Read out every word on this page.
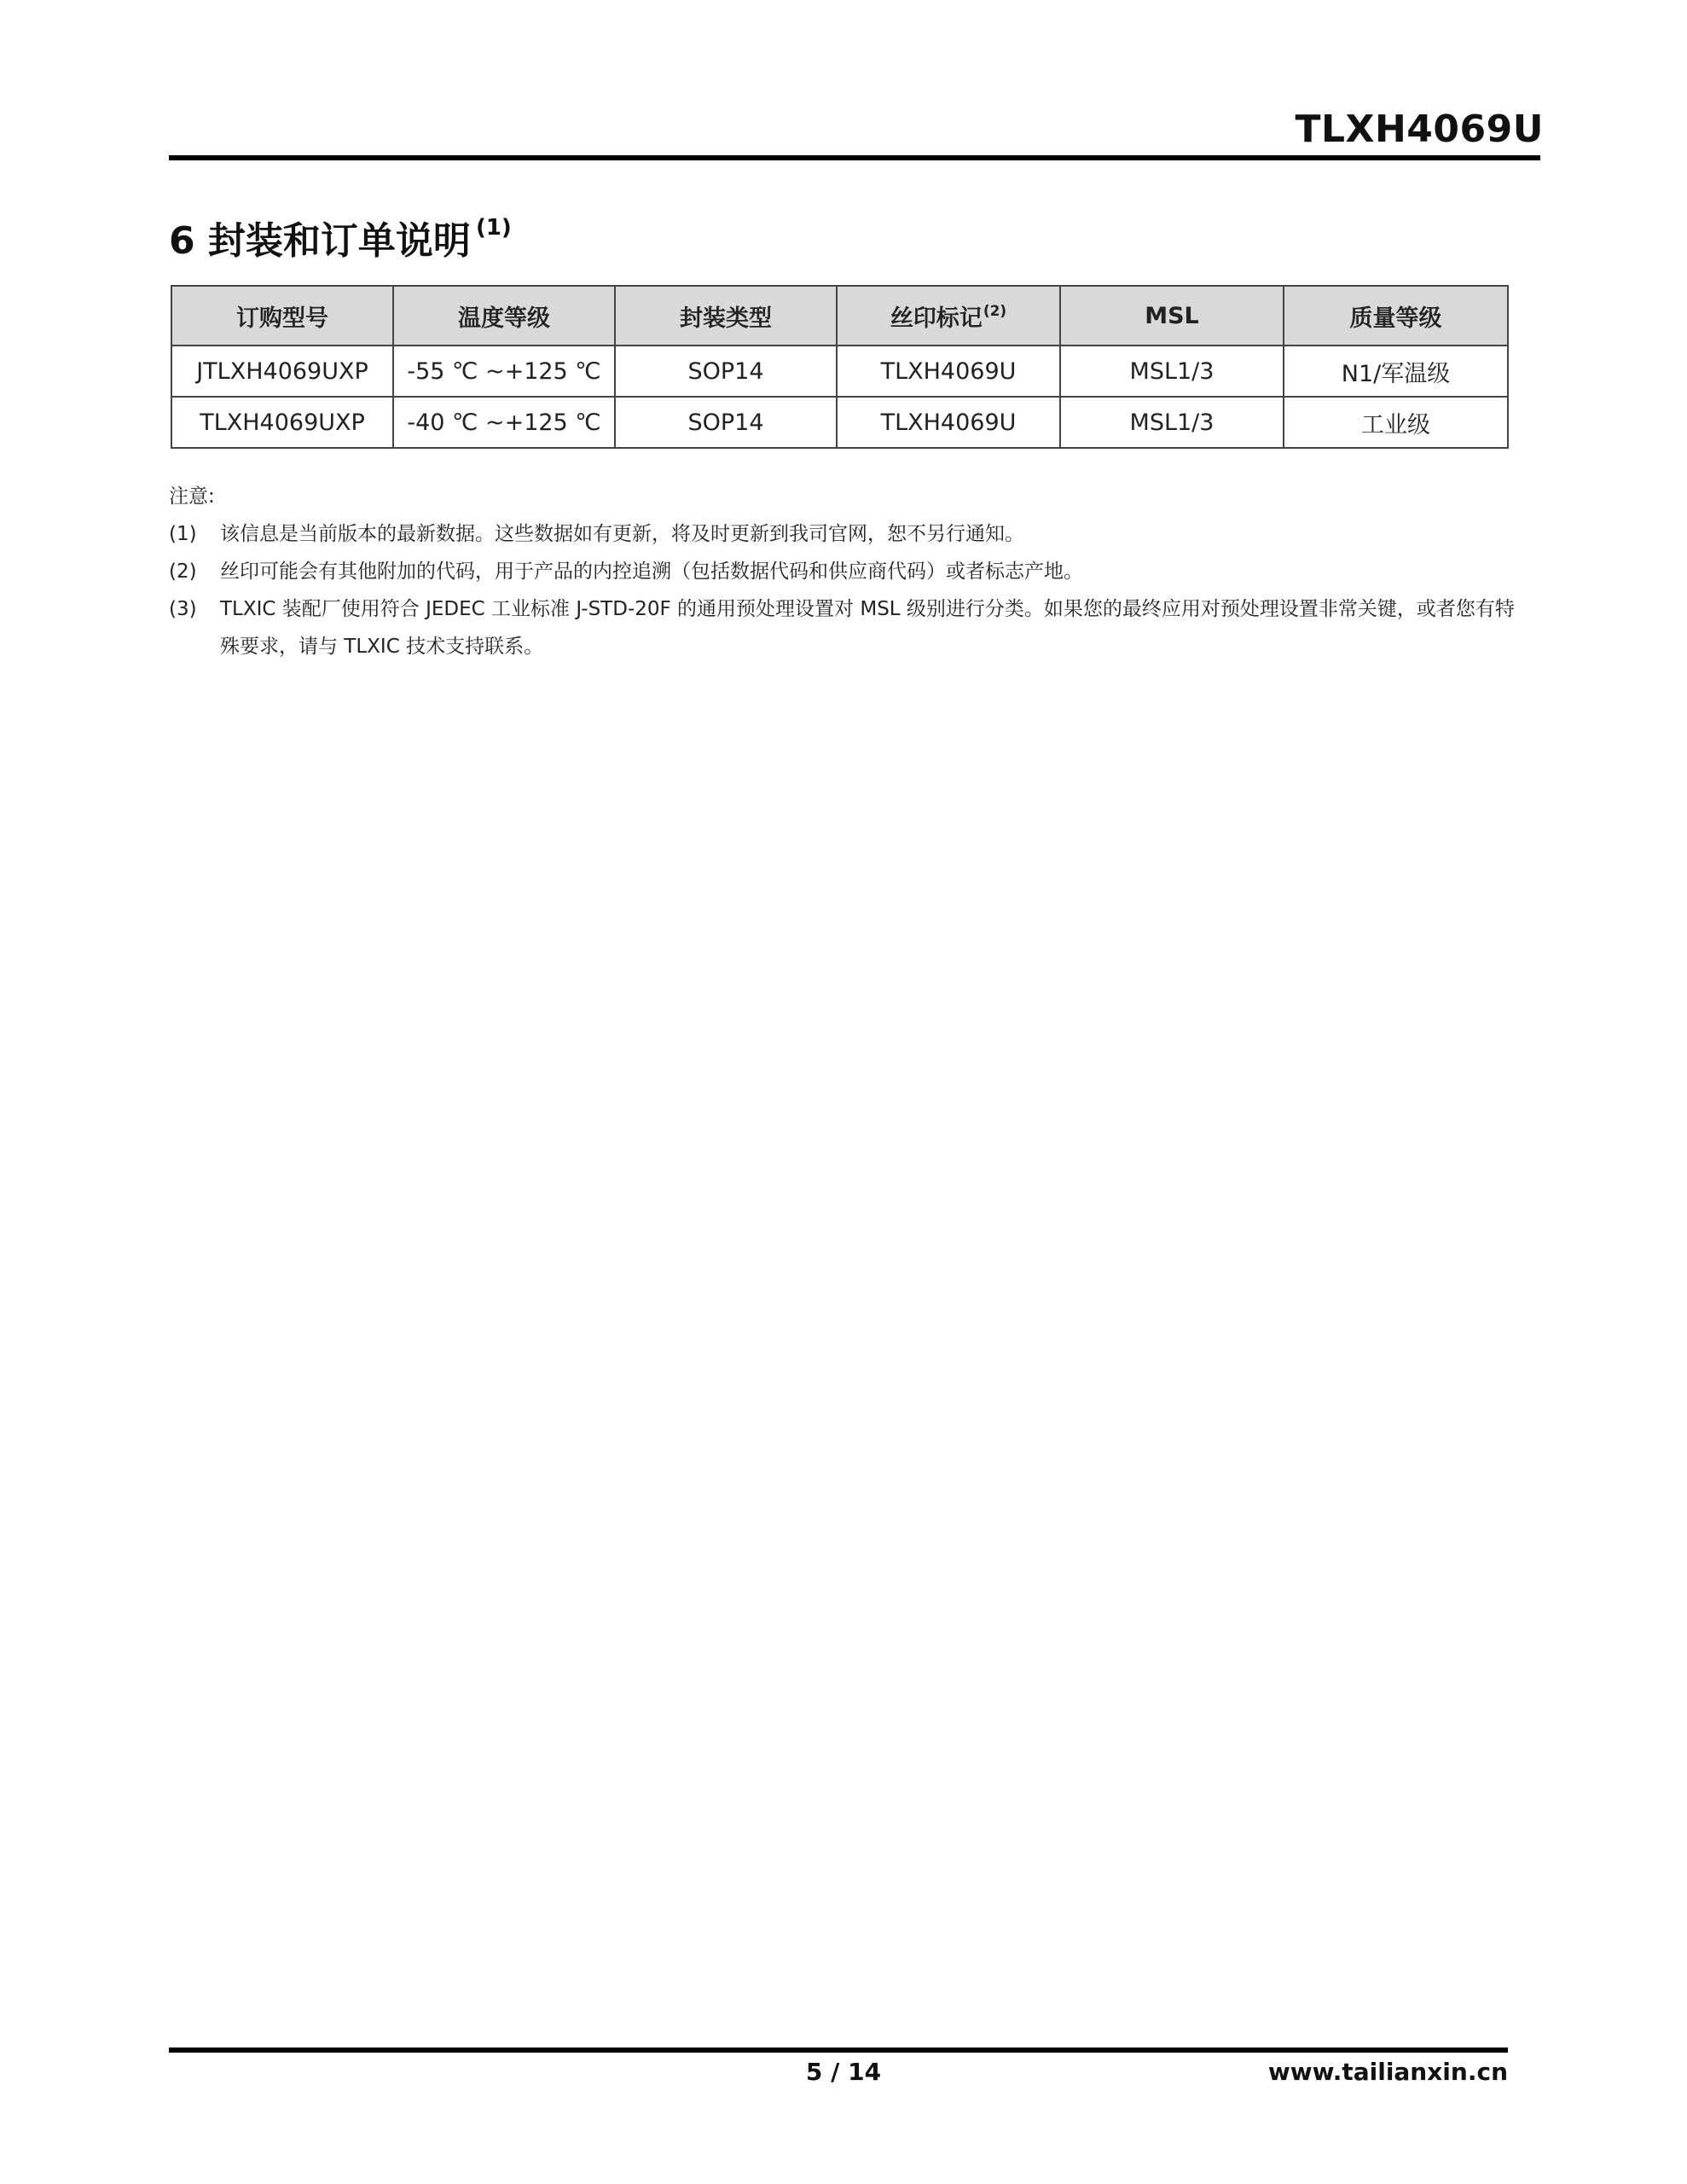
TLXH4069U
6 封装和订单说明 $^{(1)}$
订购型号	温度等级	封装类型	丝印标记$^{(2)}$	MSL	质量等级
JTLXH4069UXP	-55 ℃ ~+125 ℃	SOP14	TLXH4069U	MSL1/3	N1/军温级
TLXH4069UXP	-40 ℃ ~+125 ℃	SOP14	TLXH4069U	MSL1/3	工业级
注意:
(1)	该信息是当前版本的最新数据。这些数据如有更新，将及时更新到我司官网，恕不另行通知。
(2)	丝印可能会有其他附加的代码，用于产品的内控追溯（包括数据代码和供应商代码）或者标志产地。
(3)	TLXIC 装配厂使用符合 JEDEC 工业标准 J-STD-20F 的通用预处理设置对 MSL 级别进行分类。如果您的最终应用对预处理设置非常关键，或者您有特殊要求，请与 TLXIC 技术支持联系。
5 / 14	www.tailianxin.cn
